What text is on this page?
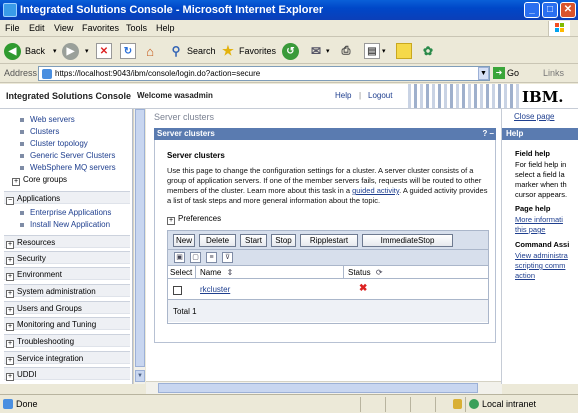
Integrated Solutions Console - Microsoft Internet Explorer	_	□	✕
File Edit View Favorites Tools Help
◀ Back ▾	▶	▾	✕	↻	⌂	⚲ Search ★ Favorites	↺	✉ ▾	⎙	▤ ▾	✿
Address	https://localhost:9043/ibm/console/login.do?action=secure	▼	➜ Go	Links
Integrated Solutions Console Welcome wasadmin	Help | Logout	IBM.
Web servers
Clusters
Cluster topology
Generic Server Clusters
WebSphere MQ servers
+ Core groups
− Applications
Enterprise Applications
Install New Application
+ Resources
+ Security
+ Environment
+ System administration
+ Users and Groups
+ Monitoring and Tuning
+ Troubleshooting
+ Service integration
+ UDDI	▼
Server clusters
Server clusters	? –
Server clusters
Use this page to change the configuration settings for a cluster. A server cluster consists of a group of application servers. If one of the member servers fails, requests will be routed to other members of the cluster. Learn more about this task in a guided activity. A guided activity provides a list of task steps and more general information about the topic.
+ Preferences
New	Delete	Start	Stop	Ripplestart	ImmediateStop
▣	▢	≡	⊽
Select Name ⇕	Status ⟳
rkcluster	✖
Total 1
Close page
Help
Field help
For field help in
select a field la
marker when th
cursor appears.
Page help
More informati
this page
Command Assi
View administra
scripting comm
action
Done	Local intranet
